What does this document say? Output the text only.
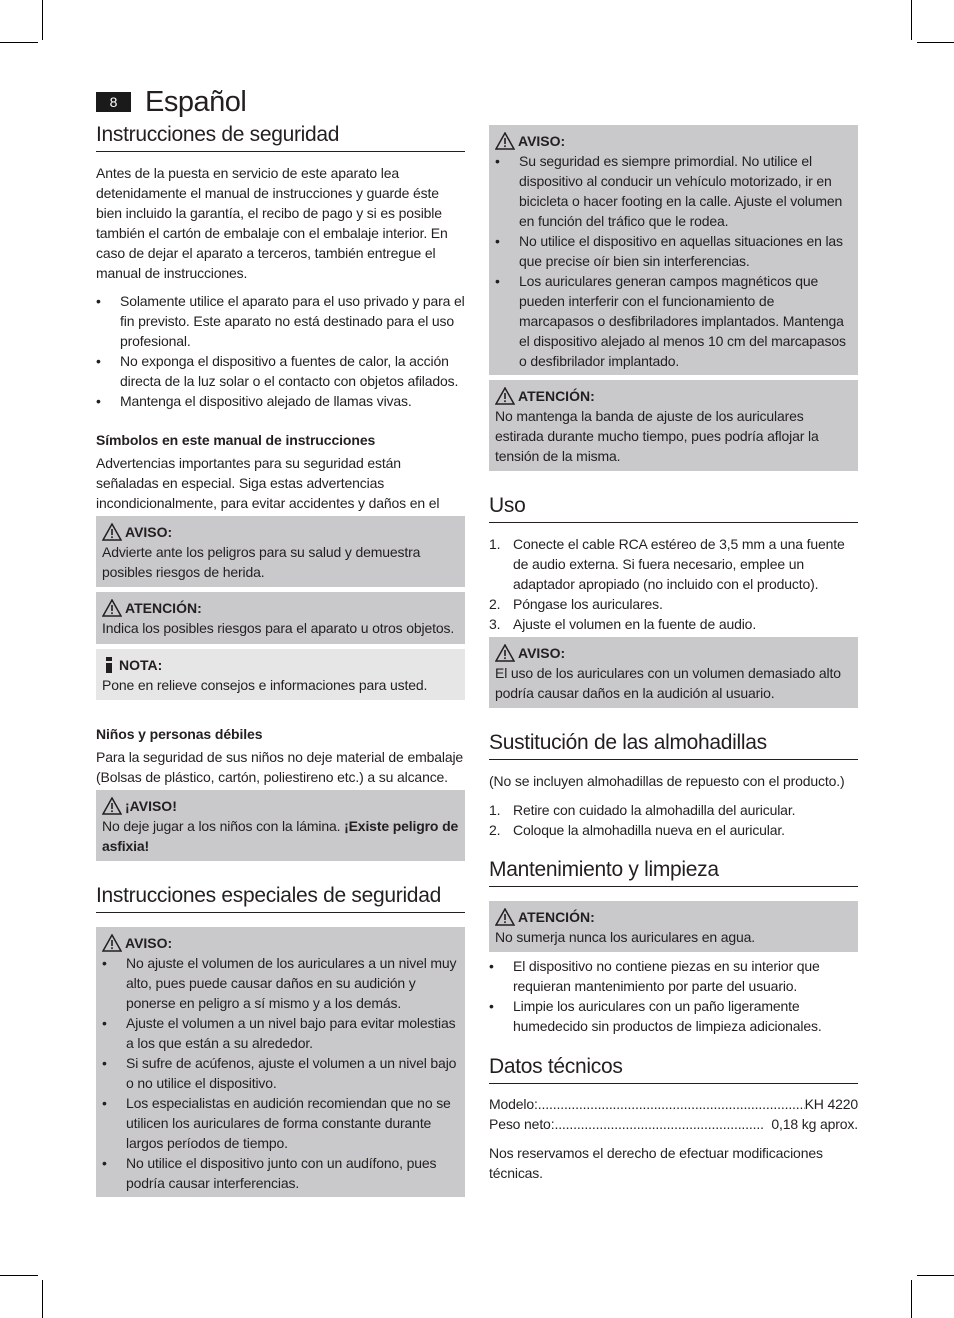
8 Español
Instrucciones de seguridad
Antes de la puesta en servicio de este aparato lea detenidamente el manual de instrucciones y guarde éste bien incluido la garantía, el recibo de pago y si es posible también el cartón de embalaje con el embalaje interior. En caso de dejar el aparato a terceros, también entregue el manual de instrucciones.
• Solamente utilice el aparato para el uso privado y para el fin previsto. Este aparato no está destinado para el uso profesional.
• No exponga el dispositivo a fuentes de calor, la acción directa de la luz solar o el contacto con objetos afilados.
• Mantenga el dispositivo alejado de llamas vivas.
Símbolos en este manual de instrucciones
Advertencias importantes para su seguridad están señaladas en especial. Siga estas advertencias incondicionalmente, para evitar accidentes y daños en el
AVISO:
Advierte ante los peligros para su salud y demuestra posibles riesgos de herida.
ATENCIÓN:
Indica los posibles riesgos para el aparato u otros objetos.
NOTA:
Pone en relieve consejos e informaciones para usted.
Niños y personas débiles
Para la seguridad de sus niños no deje material de embalaje (Bolsas de plástico, cartón, poliestireno etc.) a su alcance.
¡AVISO!
No deje jugar a los niños con la lámina. ¡Existe peligro de asfixia!
Instrucciones especiales de seguridad
AVISO:
• No ajuste el volumen de los auriculares a un nivel muy alto, pues puede causar daños en su audición y ponerse en peligro a sí mismo y a los demás.
• Ajuste el volumen a un nivel bajo para evitar molestias a los que están a su alrededor.
• Si sufre de acúfenos, ajuste el volumen a un nivel bajo o no utilice el dispositivo.
• Los especialistas en audición recomiendan que no se utilicen los auriculares de forma constante durante largos períodos de tiempo.
• No utilice el dispositivo junto con un audífono, pues podría causar interferencias.
AVISO:
• Su seguridad es siempre primordial. No utilice el dispositivo al conducir un vehículo motorizado, ir en bicicleta o hacer footing en la calle. Ajuste el volumen en función del tráfico que le rodea.
• No utilice el dispositivo en aquellas situaciones en las que precise oír bien sin interferencias.
• Los auriculares generan campos magnéticos que pueden interferir con el funcionamiento de marcapasos o desfibriladores implantados. Mantenga el dispositivo alejado al menos 10 cm del marcapasos o desfibrilador implantado.
ATENCIÓN:
No mantenga la banda de ajuste de los auriculares estirada durante mucho tiempo, pues podría aflojar la tensión de la misma.
Uso
1. Conecte el cable RCA estéreo de 3,5 mm a una fuente de audio externa. Si fuera necesario, emplee un adaptador apropiado (no incluido con el producto).
2. Póngase los auriculares.
3. Ajuste el volumen en la fuente de audio.
AVISO:
El uso de los auriculares con un volumen demasiado alto podría causar daños en la audición al usuario.
Sustitución de las almohadillas
(No se incluyen almohadillas de repuesto con el producto.)
1. Retire con cuidado la almohadilla del auricular.
2. Coloque la almohadilla nueva en el auricular.
Mantenimiento y limpieza
ATENCIÓN:
No sumerja nunca los auriculares en agua.
• El dispositivo no contiene piezas en su interior que requieran mantenimiento por parte del usuario.
• Limpie los auriculares con un paño ligeramente humedecido sin productos de limpieza adicionales.
Datos técnicos
Modelo: .....	KH 4220
Peso neto: .....	0,18 kg aprox.
Nos reservamos el derecho de efectuar modificaciones técnicas.
